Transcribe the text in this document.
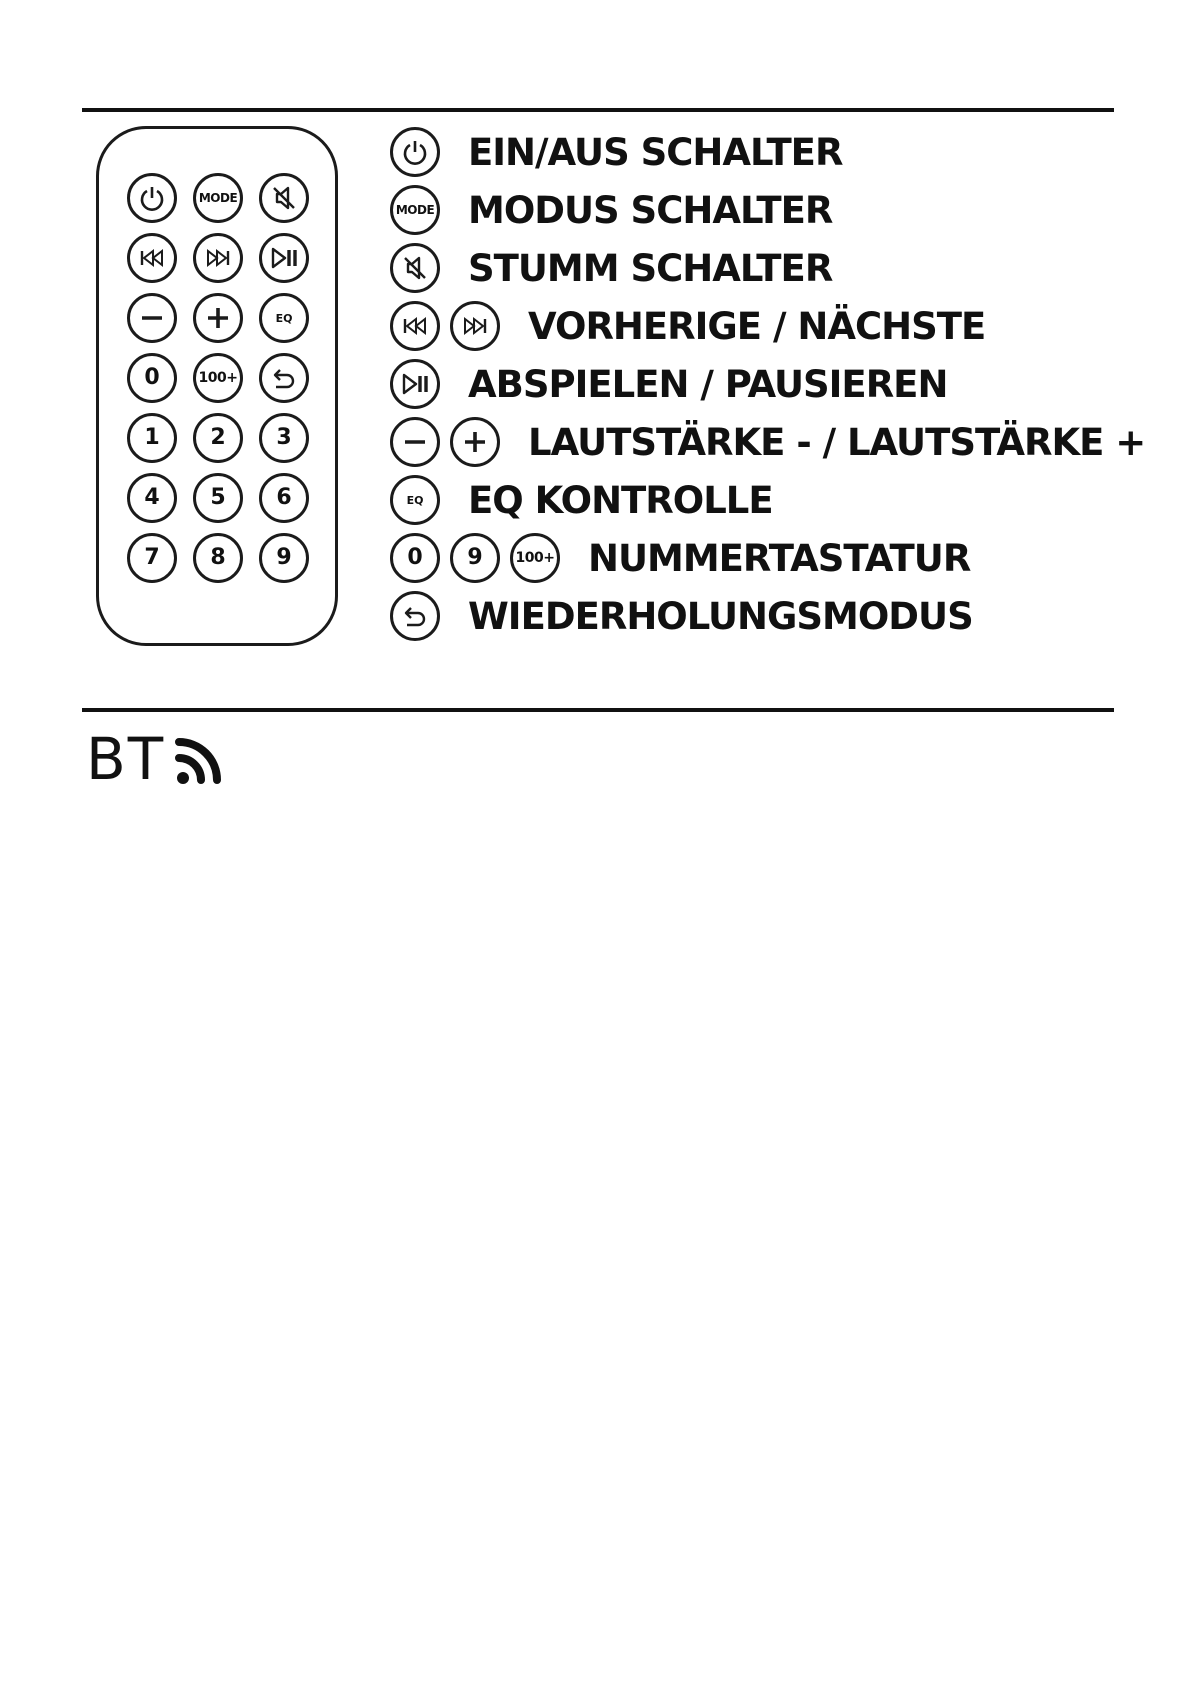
MODE
EQ
0	100+
1 2 3
4 5 6
7 8 9
EIN/AUS SCHALTER
MODE MODUS SCHALTER
STUMM SCHALTER
VORHERIGE / NÄCHSTE
ABSPIELEN / PAUSIEREN
LAUTSTÄRKE - / LAUTSTÄRKE +
EQ EQ KONTROLLE
0 9 100+ NUMMERTASTATUR
WIEDERHOLUNGSMODUS
BT
